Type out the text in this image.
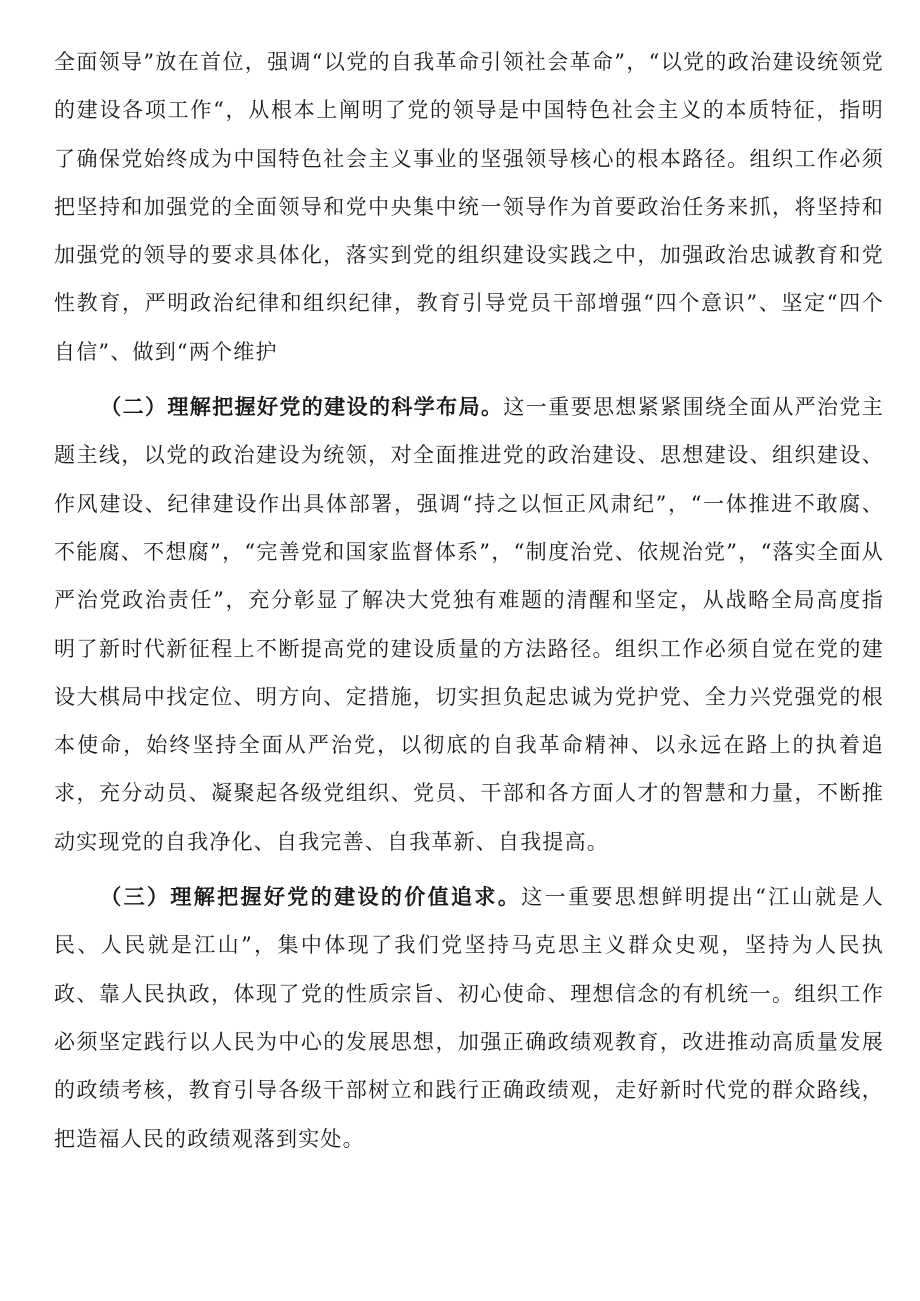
全面领导”放在首位，强调“以党的自我革命引领社会革命”，“以党的政治建设统领党的建设各项工作“，从根本上阐明了党的领导是中国特色社会主义的本质特征，指明了确保党始终成为中国特色社会主义事业的坚强领导核心的根本路径。组织工作必须把坚持和加强党的全面领导和党中央集中统一领导作为首要政治任务来抓，将坚持和加强党的领导的要求具体化，落实到党的组织建设实践之中，加强政治忠诚教育和党性教育，严明政治纪律和组织纪律，教育引导党员干部增强“四个意识”、坚定“四个自信”、做到“两个维护

（二）理解把握好党的建设的科学布局。这一重要思想紧紧围绕全面从严治党主题主线，以党的政治建设为统领，对全面推进党的政治建设、思想建设、组织建设、作风建设、纪律建设作出具体部署，强调“持之以恒正风肃纪”，“一体推进不敢腐、不能腐、不想腐”，“完善党和国家监督体系”，“制度治党、依规治党”，“落实全面从严治党政治责任”，充分彰显了解决大党独有难题的清醒和坚定，从战略全局高度指明了新时代新征程上不断提高党的建设质量的方法路径。组织工作必须自觉在党的建设大棋局中找定位、明方向、定措施，切实担负起忠诚为党护党、全力兴党强党的根本使命，始终坚持全面从严治党，以彻底的自我革命精神、以永远在路上的执着追求，充分动员、凝聚起各级党组织、党员、干部和各方面人才的智慧和力量，不断推动实现党的自我净化、自我完善、自我革新、自我提高。

（三）理解把握好党的建设的价值追求。这一重要思想鲜明提出“江山就是人民、人民就是江山”，集中体现了我们党坚持马克思主义群众史观，坚持为人民执政、靠人民执政，体现了党的性质宗旨、初心使命、理想信念的有机统一。组织工作必须坚定践行以人民为中心的发展思想，加强正确政绩观教育，改进推动高质量发展的政绩考核，教育引导各级干部树立和践行正确政绩观，走好新时代党的群众路线，把造福人民的政绩观落到实处。
